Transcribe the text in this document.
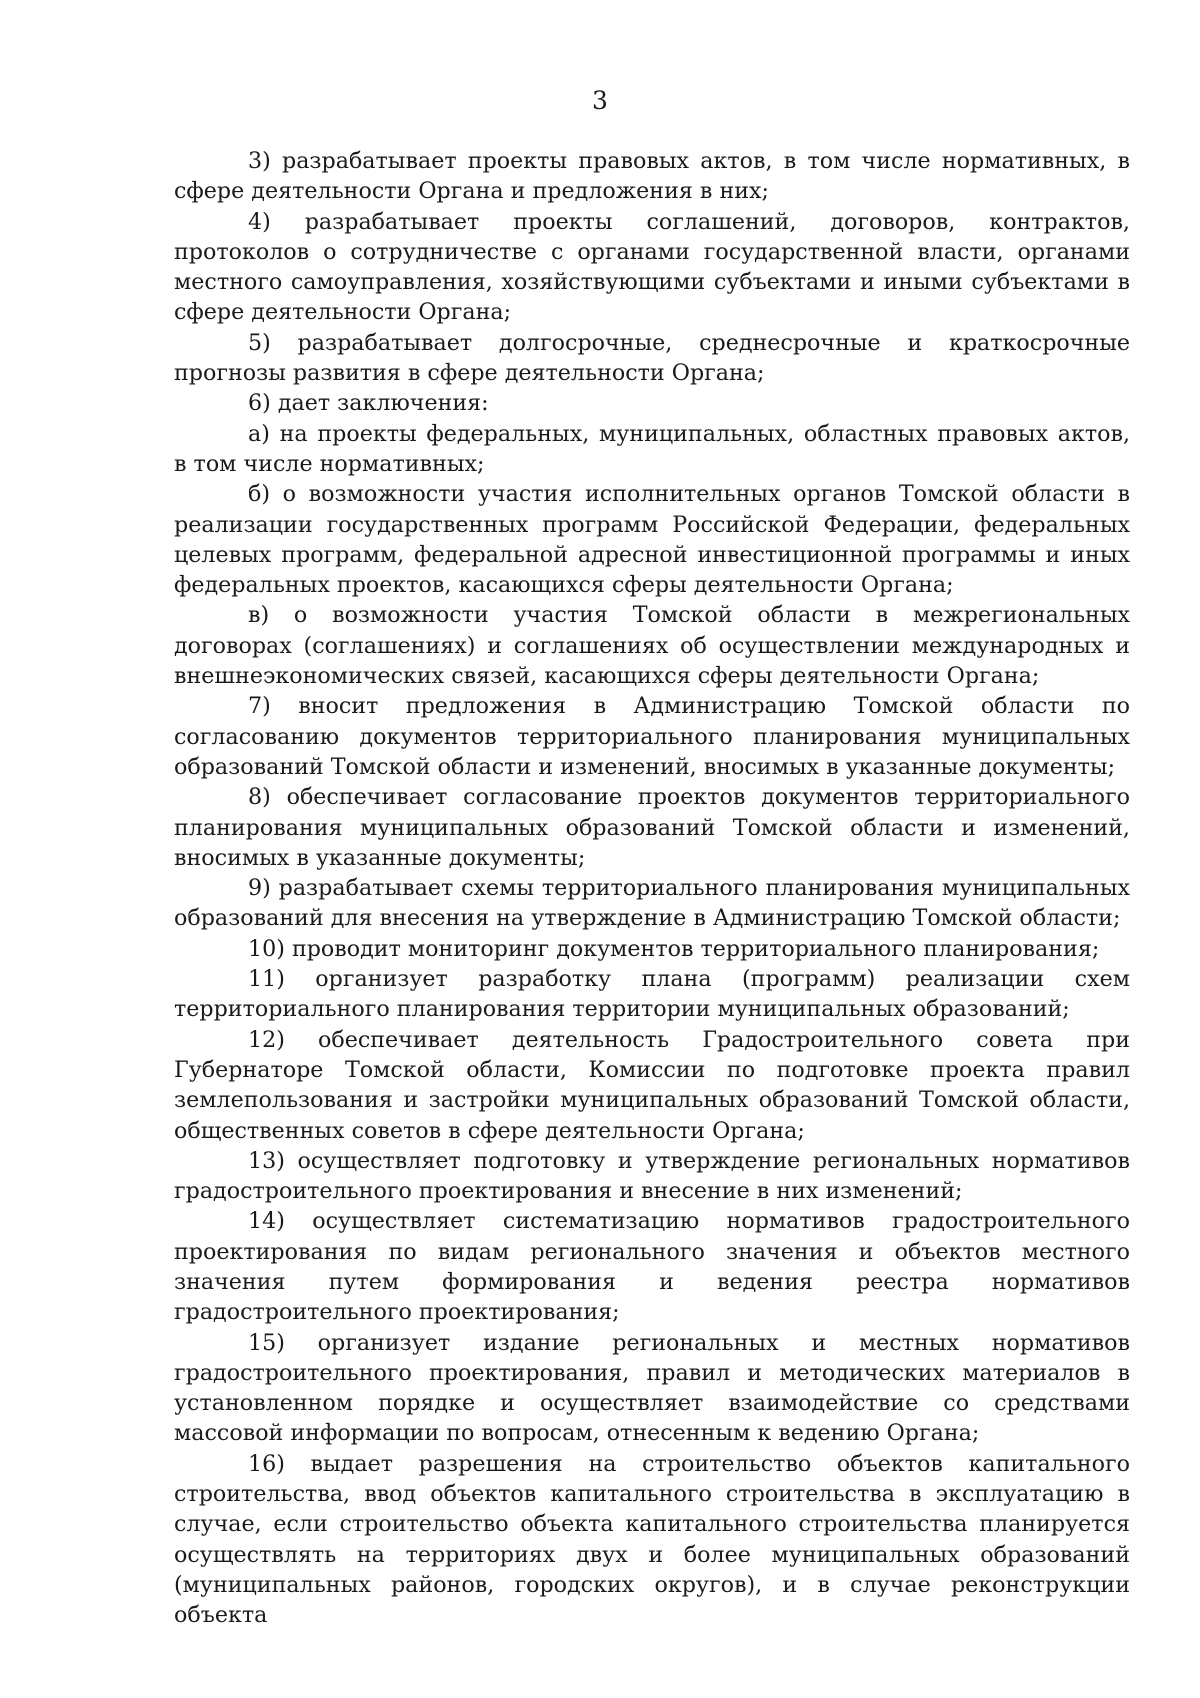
3

3) разрабатывает проекты правовых актов, в том числе нормативных, в сфере деятельности Органа и предложения в них;

4) разрабатывает проекты соглашений, договоров, контрактов, протоколов о сотрудничестве с органами государственной власти, органами местного самоуправления, хозяйствующими субъектами и иными субъектами в сфере деятельности Органа;

5) разрабатывает долгосрочные, среднесрочные и краткосрочные прогнозы развития в сфере деятельности Органа;

6) дает заключения:

а) на проекты федеральных, муниципальных, областных правовых актов, в том числе нормативных;

б) о возможности участия исполнительных органов Томской области в реализации государственных программ Российской Федерации, федеральных целевых программ, федеральной адресной инвестиционной программы и иных федеральных проектов, касающихся сферы деятельности Органа;

в) о возможности участия Томской области в межрегиональных договорах (соглашениях) и соглашениях об осуществлении международных и внешнеэкономических связей, касающихся сферы деятельности Органа;

7) вносит предложения в Администрацию Томской области по согласованию документов территориального планирования муниципальных образований Томской области и изменений, вносимых в указанные документы;

8) обеспечивает согласование проектов документов территориального планирования муниципальных образований Томской области и изменений, вносимых в указанные документы;

9) разрабатывает схемы территориального планирования муниципальных образований для внесения на утверждение в Администрацию Томской области;

10) проводит мониторинг документов территориального планирования;

11) организует разработку плана (программ) реализации схем территориального планирования территории муниципальных образований;

12) обеспечивает деятельность Градостроительного совета при Губернаторе Томской области, Комиссии по подготовке проекта правил землепользования и застройки муниципальных образований Томской области, общественных советов в сфере деятельности Органа;

13) осуществляет подготовку и утверждение региональных нормативов градостроительного проектирования и внесение в них изменений;

14) осуществляет систематизацию нормативов градостроительного проектирования по видам регионального значения и объектов местного значения путем формирования и ведения реестра нормативов градостроительного проектирования;

15) организует издание региональных и местных нормативов градостроительного проектирования, правил и методических материалов в установленном порядке и осуществляет взаимодействие со средствами массовой информации по вопросам, отнесенным к ведению Органа;

16) выдает разрешения на строительство объектов капитального строительства, ввод объектов капитального строительства в эксплуатацию в случае, если строительство объекта капитального строительства планируется осуществлять на территориях двух и более муниципальных образований (муниципальных районов, городских округов), и в случае реконструкции объекта
